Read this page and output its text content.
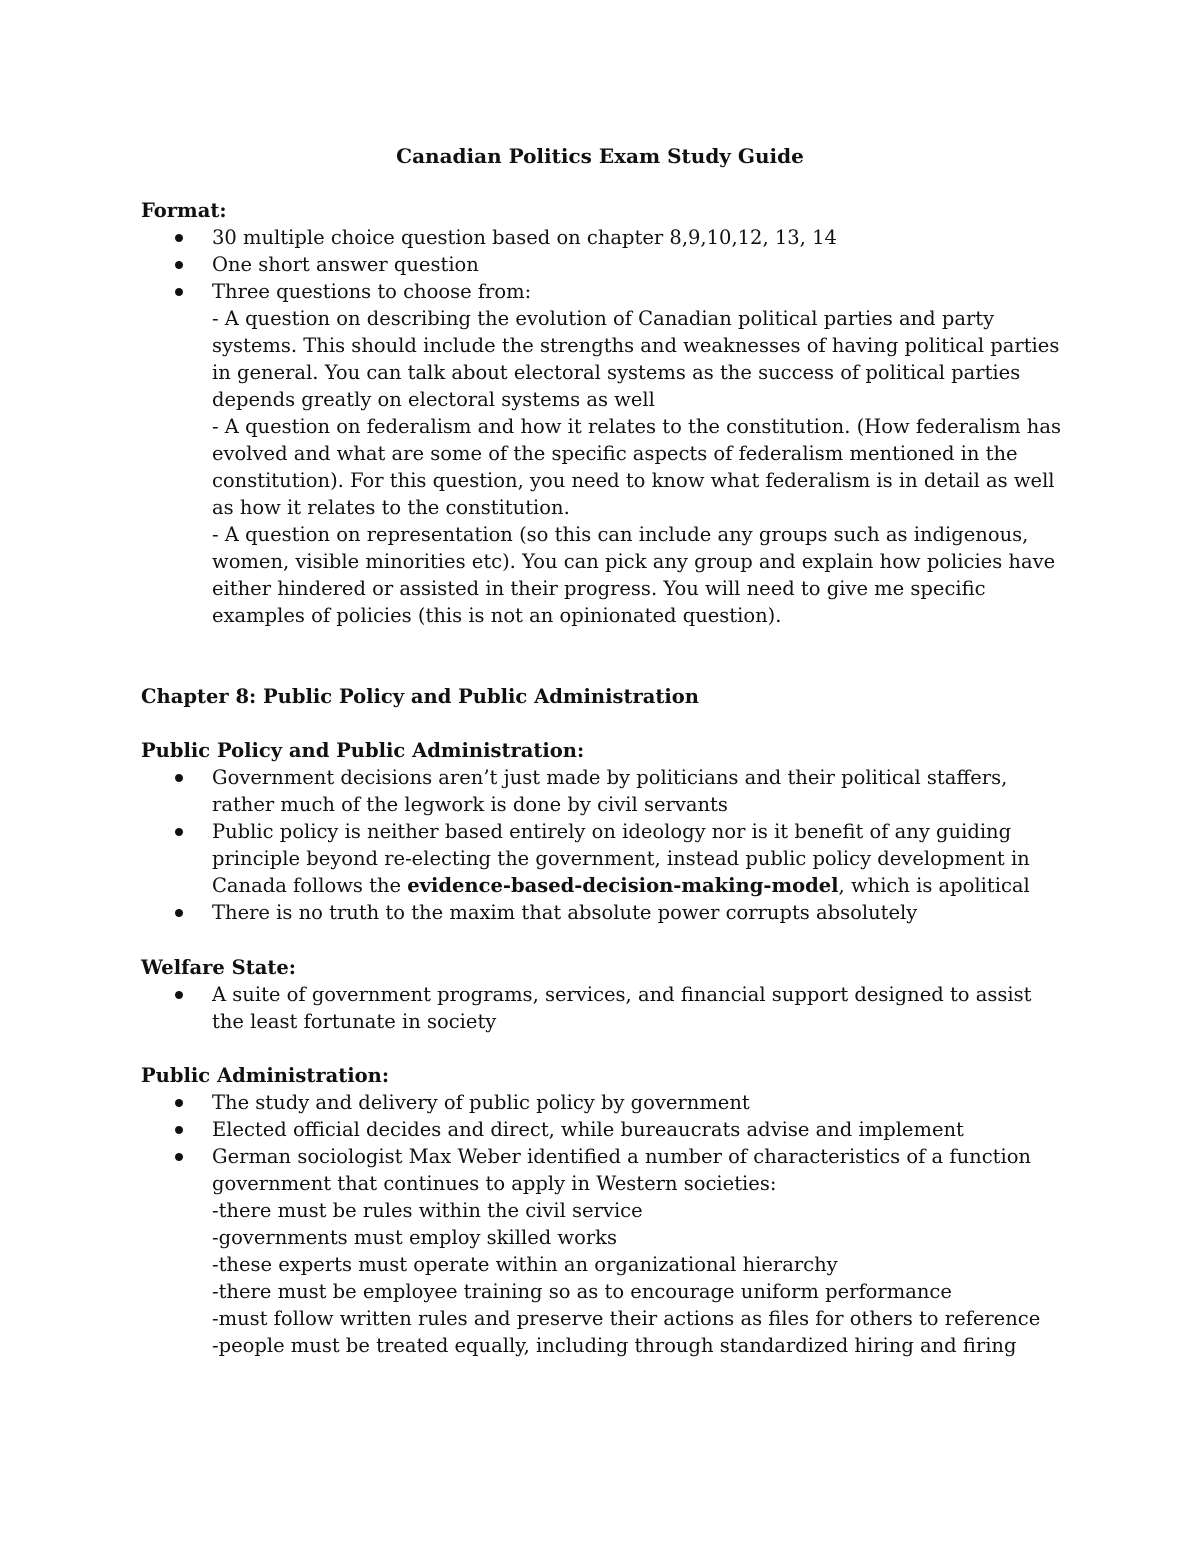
Canadian Politics Exam Study Guide
Format:
30 multiple choice question based on chapter 8,9,10,12, 13, 14
One short answer question
Three questions to choose from:
- A question on describing the evolution of Canadian political parties and party systems. This should include the strengths and weaknesses of having political parties in general. You can talk about electoral systems as the success of political parties depends greatly on electoral systems as well
- A question on federalism and how it relates to the constitution. (How federalism has evolved and what are some of the specific aspects of federalism mentioned in the constitution). For this question, you need to know what federalism is in detail as well as how it relates to the constitution.
- A question on representation (so this can include any groups such as indigenous, women, visible minorities etc). You can pick any group and explain how policies have either hindered or assisted in their progress. You will need to give me specific examples of policies (this is not an opinionated question).
Chapter 8: Public Policy and Public Administration
Public Policy and Public Administration:
Government decisions aren’t just made by politicians and their political staffers, rather much of the legwork is done by civil servants
Public policy is neither based entirely on ideology nor is it benefit of any guiding principle beyond re-electing the government, instead public policy development in Canada follows the evidence-based-decision-making-model, which is apolitical
There is no truth to the maxim that absolute power corrupts absolutely
Welfare State:
A suite of government programs, services, and financial support designed to assist the least fortunate in society
Public Administration:
The study and delivery of public policy by government
Elected official decides and direct, while bureaucrats advise and implement
German sociologist Max Weber identified a number of characteristics of a function government that continues to apply in Western societies:
-there must be rules within the civil service
-governments must employ skilled works
-these experts must operate within an organizational hierarchy
-there must be employee training so as to encourage uniform performance
-must follow written rules and preserve their actions as files for others to reference
-people must be treated equally, including through standardized hiring and firing
